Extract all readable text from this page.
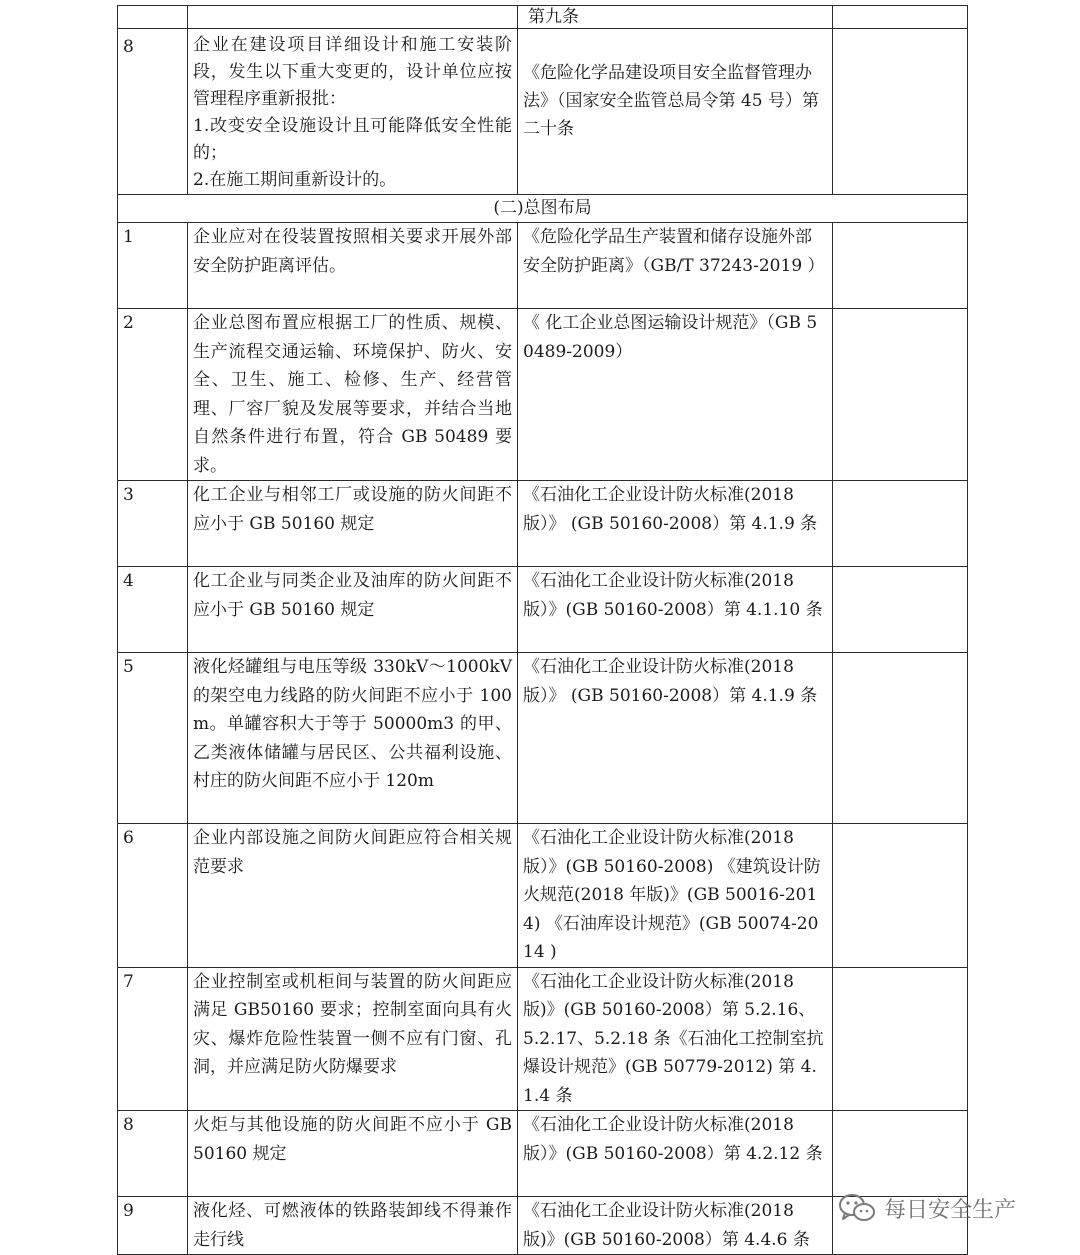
		第九条	
8	企业在建设项目详细设计和施工安装阶段，发生以下重大变更的，设计单位应按管理程序重新报批：
1.改变安全设施设计且可能降低安全性能的；
2.在施工期间重新设计的。	《危险化学品建设项目安全监督管理办法》（国家安全监管总局令第 45 号）第二十条	
(二)总图布局			
1	企业应对在役装置按照相关要求开展外部安全防护距离评估。	《危险化学品生产装置和储存设施外部安全防护距离》（GB/T 37243-2019 ）	
2	企业总图布置应根据工厂的性质、规模、生产流程交通运输、环境保护、防火、安全、卫生、施工、检修、生产、经营管理、厂容厂貌及发展等要求，并结合当地自然条件进行布置，符合 GB 50489 要求。	《 化工企业总图运输设计规范》（GB 50489-2009）	
3	化工企业与相邻工厂或设施的防火间距不应小于 GB 50160 规定	《石油化工企业设计防火标准(2018 版）》 (GB 50160-2008）第 4.1.9 条	
4	化工企业与同类企业及油库的防火间距不应小于 GB 50160 规定	《石油化工企业设计防火标准(2018 版）》(GB 50160-2008）第 4.1.10 条	
5	液化烃罐组与电压等级 330kV～1000kV 的架空电力线路的防火间距不应小于 100m。单罐容积大于等于 50000m3 的甲、乙类液体储罐与居民区、公共福利设施、村庄的防火间距不应小于 120m	《石油化工企业设计防火标准(2018 版）》 (GB 50160-2008）第 4.1.9 条	
6	企业内部设施之间防火间距应符合相关规范要求	《石油化工企业设计防火标准(2018 版）》(GB 50160-2008) 《建筑设计防火规范(2018 年版)》(GB 50016-2014) 《石油库设计规范》(GB 50074-2014 )	
7	企业控制室或机柜间与装置的防火间距应满足 GB50160 要求；控制室面向具有火灾、爆炸危险性装置一侧不应有门窗、孔洞，并应满足防火防爆要求	《石油化工企业设计防火标准(2018 版)》(GB 50160-2008）第 5.2.16、5.2.17、5.2.18 条《石油化工控制室抗爆设计规范》(GB 50779-2012) 第 4.1.4 条	
8	火炬与其他设施的防火间距不应小于 GB 50160 规定	《石油化工企业设计防火标准(2018 版）》(GB 50160-2008）第 4.2.12 条	
9	液化烃、可燃液体的铁路装卸线不得兼作走行线	《石油化工企业设计防火标准(2018 版)》(GB 50160-2008）第 4.4.6 条	
每日安全生产
